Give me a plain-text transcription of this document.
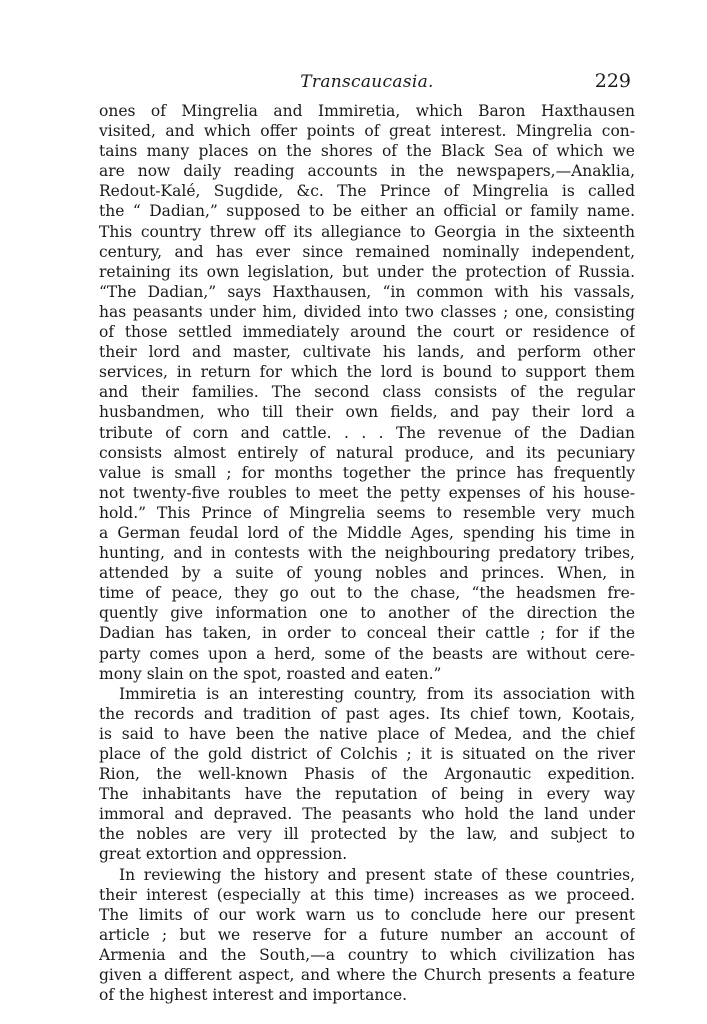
Transcaucasia.	229
ones of Mingrelia and Immiretia, which Baron Haxthausen
visited, and which offer points of great interest. Mingrelia con-
tains many places on the shores of the Black Sea of which we
are now daily reading accounts in the newspapers,—Anaklia,
Redout-Kalé, Sugdide, &c. The Prince of Mingrelia is called
the “ Dadian,” supposed to be either an official or family name.
This country threw off its allegiance to Georgia in the sixteenth
century, and has ever since remained nominally independent,
retaining its own legislation, but under the protection of Russia.
“The Dadian,” says Haxthausen, “in common with his vassals,
has peasants under him, divided into two classes ; one, consisting
of those settled immediately around the court or residence of
their lord and master, cultivate his lands, and perform other
services, in return for which the lord is bound to support them
and their families. The second class consists of the regular
husbandmen, who till their own fields, and pay their lord a
tribute of corn and cattle. . . . The revenue of the Dadian
consists almost entirely of natural produce, and its pecuniary
value is small ; for months together the prince has frequently
not twenty-five roubles to meet the petty expenses of his house-
hold.” This Prince of Mingrelia seems to resemble very much
a German feudal lord of the Middle Ages, spending his time in
hunting, and in contests with the neighbouring predatory tribes,
attended by a suite of young nobles and princes. When, in
time of peace, they go out to the chase, “the headsmen fre-
quently give information one to another of the direction the
Dadian has taken, in order to conceal their cattle ; for if the
party comes upon a herd, some of the beasts are without cere-
mony slain on the spot, roasted and eaten.”
Immiretia is an interesting country, from its association with
the records and tradition of past ages. Its chief town, Kootais,
is said to have been the native place of Medea, and the chief
place of the gold district of Colchis ; it is situated on the river
Rion, the well-known Phasis of the Argonautic expedition.
The inhabitants have the reputation of being in every way
immoral and depraved. The peasants who hold the land under
the nobles are very ill protected by the law, and subject to
great extortion and oppression.
In reviewing the history and present state of these countries,
their interest (especially at this time) increases as we proceed.
The limits of our work warn us to conclude here our present
article ; but we reserve for a future number an account of
Armenia and the South,—a country to which civilization has
given a different aspect, and where the Church presents a feature
of the highest interest and importance.
